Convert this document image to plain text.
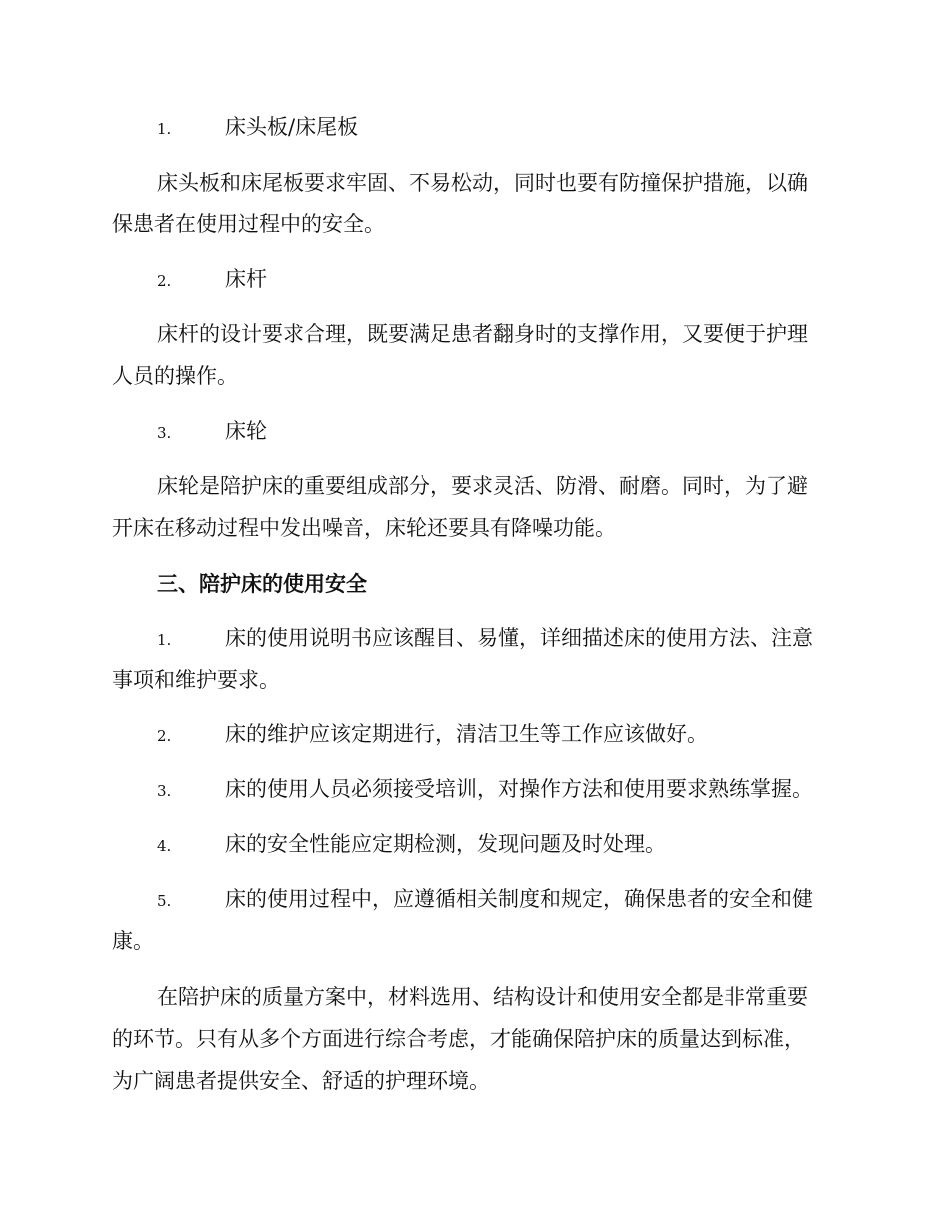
1.	床头板/床尾板
床头板和床尾板要求牢固、不易松动，同时也要有防撞保护措施，以确
保患者在使用过程中的安全。
2.	床杆
床杆的设计要求合理，既要满足患者翻身时的支撑作用，又要便于护理
人员的操作。
3.	床轮
床轮是陪护床的重要组成部分，要求灵活、防滑、耐磨。同时，为了避
开床在移动过程中发出噪音，床轮还要具有降噪功能。
三、陪护床的使用安全
1.	床的使用说明书应该醒目、易懂，详细描述床的使用方法、注意
事项和维护要求。
2.	床的维护应该定期进行，清洁卫生等工作应该做好。
3.	床的使用人员必须接受培训，对操作方法和使用要求熟练掌握。
4.	床的安全性能应定期检测，发现问题及时处理。
5.	床的使用过程中，应遵循相关制度和规定，确保患者的安全和健
康。
在陪护床的质量方案中，材料选用、结构设计和使用安全都是非常重要
的环节。只有从多个方面进行综合考虑，才能确保陪护床的质量达到标准，
为广阔患者提供安全、舒适的护理环境。
